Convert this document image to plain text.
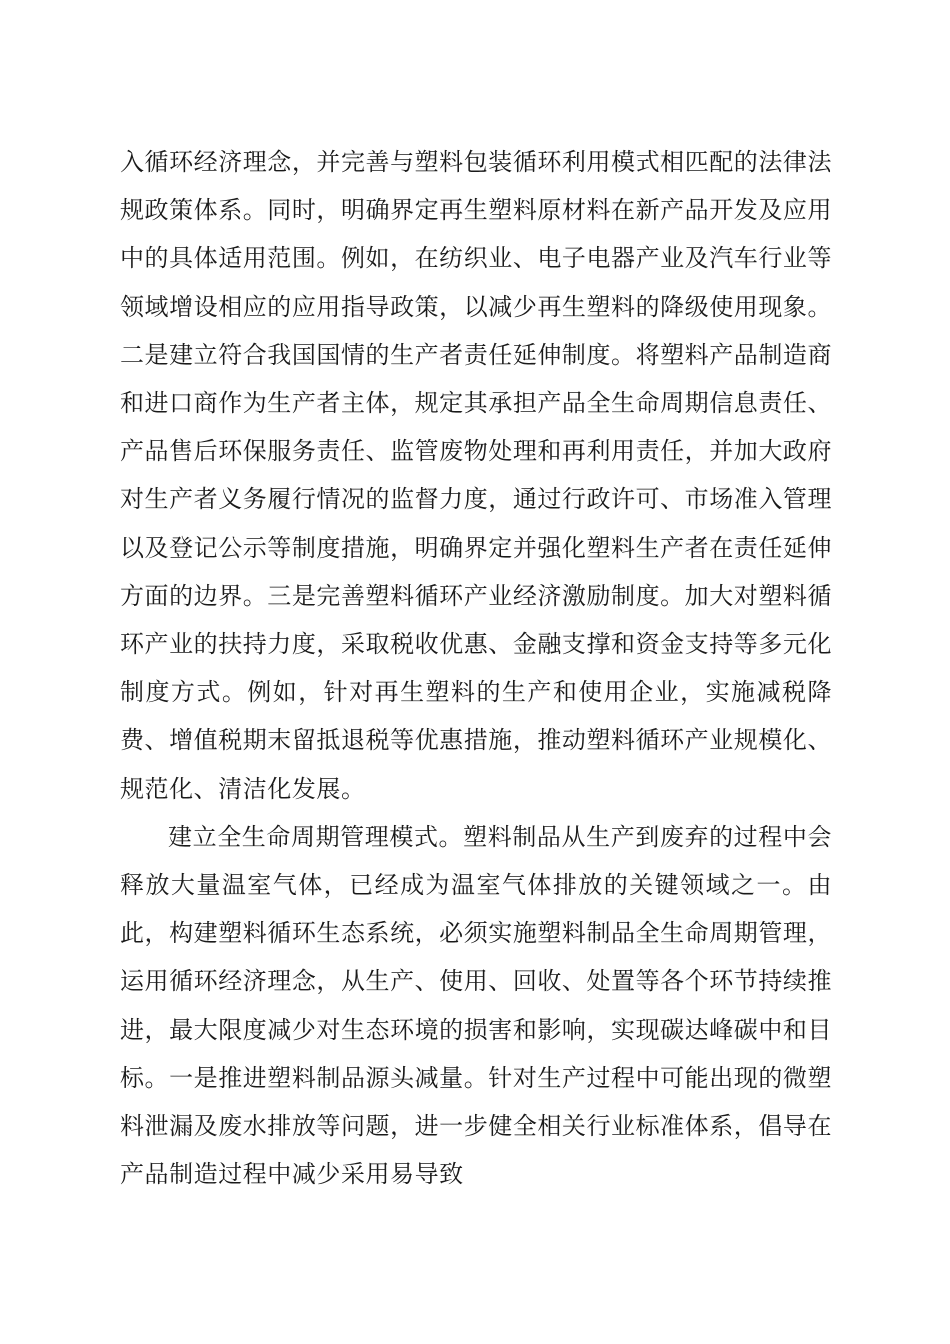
入循环经济理念，并完善与塑料包装循环利用模式相匹配的法律法规政策体系。同时，明确界定再生塑料原材料在新产品开发及应用中的具体适用范围。例如，在纺织业、电子电器产业及汽车行业等领域增设相应的应用指导政策，以减少再生塑料的降级使用现象。二是建立符合我国国情的生产者责任延伸制度。将塑料产品制造商和进口商作为生产者主体，规定其承担产品全生命周期信息责任、产品售后环保服务责任、监管废物处理和再利用责任，并加大政府对生产者义务履行情况的监督力度，通过行政许可、市场准入管理以及登记公示等制度措施，明确界定并强化塑料生产者在责任延伸方面的边界。三是完善塑料循环产业经济激励制度。加大对塑料循环产业的扶持力度，采取税收优惠、金融支撑和资金支持等多元化制度方式。例如，针对再生塑料的生产和使用企业，实施减税降费、增值税期末留抵退税等优惠措施，推动塑料循环产业规模化、规范化、清洁化发展。

建立全生命周期管理模式。塑料制品从生产到废弃的过程中会释放大量温室气体，已经成为温室气体排放的关键领域之一。由此，构建塑料循环生态系统，必须实施塑料制品全生命周期管理，运用循环经济理念，从生产、使用、回收、处置等各个环节持续推进，最大限度减少对生态环境的损害和影响，实现碳达峰碳中和目标。一是推进塑料制品源头减量。针对生产过程中可能出现的微塑料泄漏及废水排放等问题，进一步健全相关行业标准体系，倡导在产品制造过程中减少采用易导致
